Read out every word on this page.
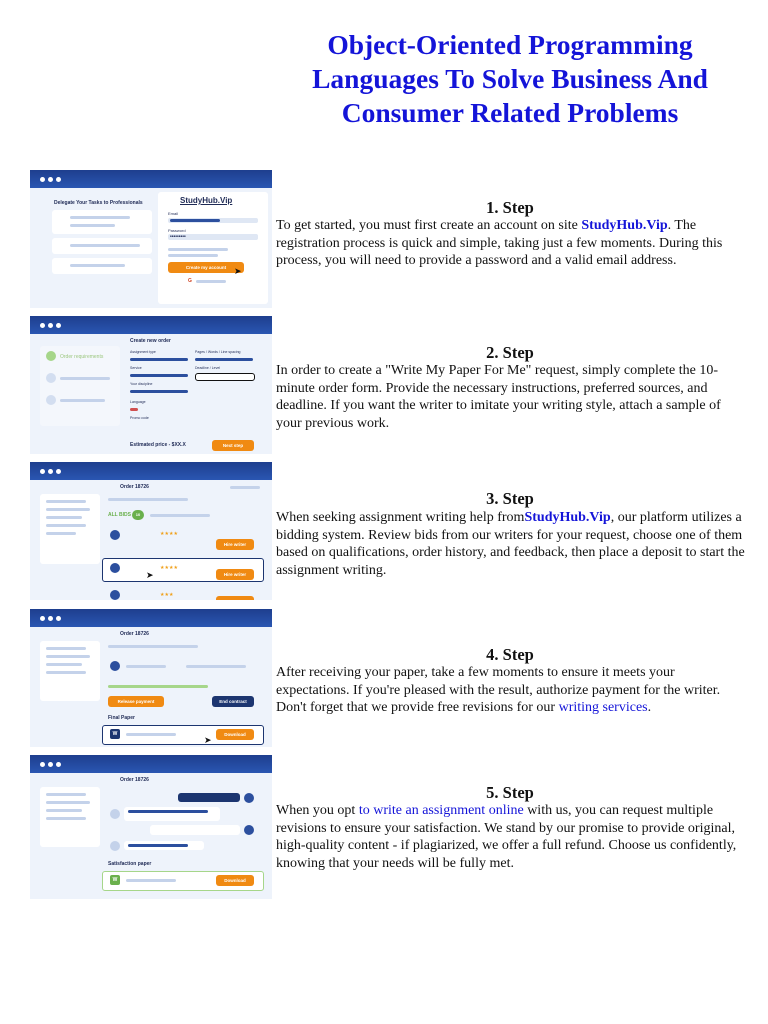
Object-Oriented Programming Languages To Solve Business And Consumer Related Problems
Delegate Your Tasks to Professionals	StudyHub.Vip
Email
Password
•••••••••
Create my account ➤
G
Create new order
Order requirements
Assignment type	Pages / Words / Line spacing
Service	Deadline / Level
Your discipline
Language
Promo code
Estimated price - $XX.X	Next step
Order 18726
ALL BIDS	10
★★★★
Hire writer
★★★★
Hire writer
➤
★★★
Order 18726
Release payment	End contract
Final Paper
W	Download
➤
Order 18726
Satisfaction paper
W	Download
1. Step
To get started, you must first create an account on site StudyHub.Vip. The registration process is quick and simple, taking just a few moments. During this process, you will need to provide a password and a valid email address.
2. Step
In order to create a "Write My Paper For Me" request, simply complete the 10-minute order form. Provide the necessary instructions, preferred sources, and deadline. If you want the writer to imitate your writing style, attach a sample of your previous work.
3. Step
When seeking assignment writing help fromStudyHub.Vip, our platform utilizes a bidding system. Review bids from our writers for your request, choose one of them based on qualifications, order history, and feedback, then place a deposit to start the assignment writing.
4. Step
After receiving your paper, take a few moments to ensure it meets your expectations. If you're pleased with the result, authorize payment for the writer. Don't forget that we provide free revisions for our writing services.
5. Step
When you opt to write an assignment online with us, you can request multiple revisions to ensure your satisfaction. We stand by our promise to provide original, high-quality content - if plagiarized, we offer a full refund. Choose us confidently, knowing that your needs will be fully met.
